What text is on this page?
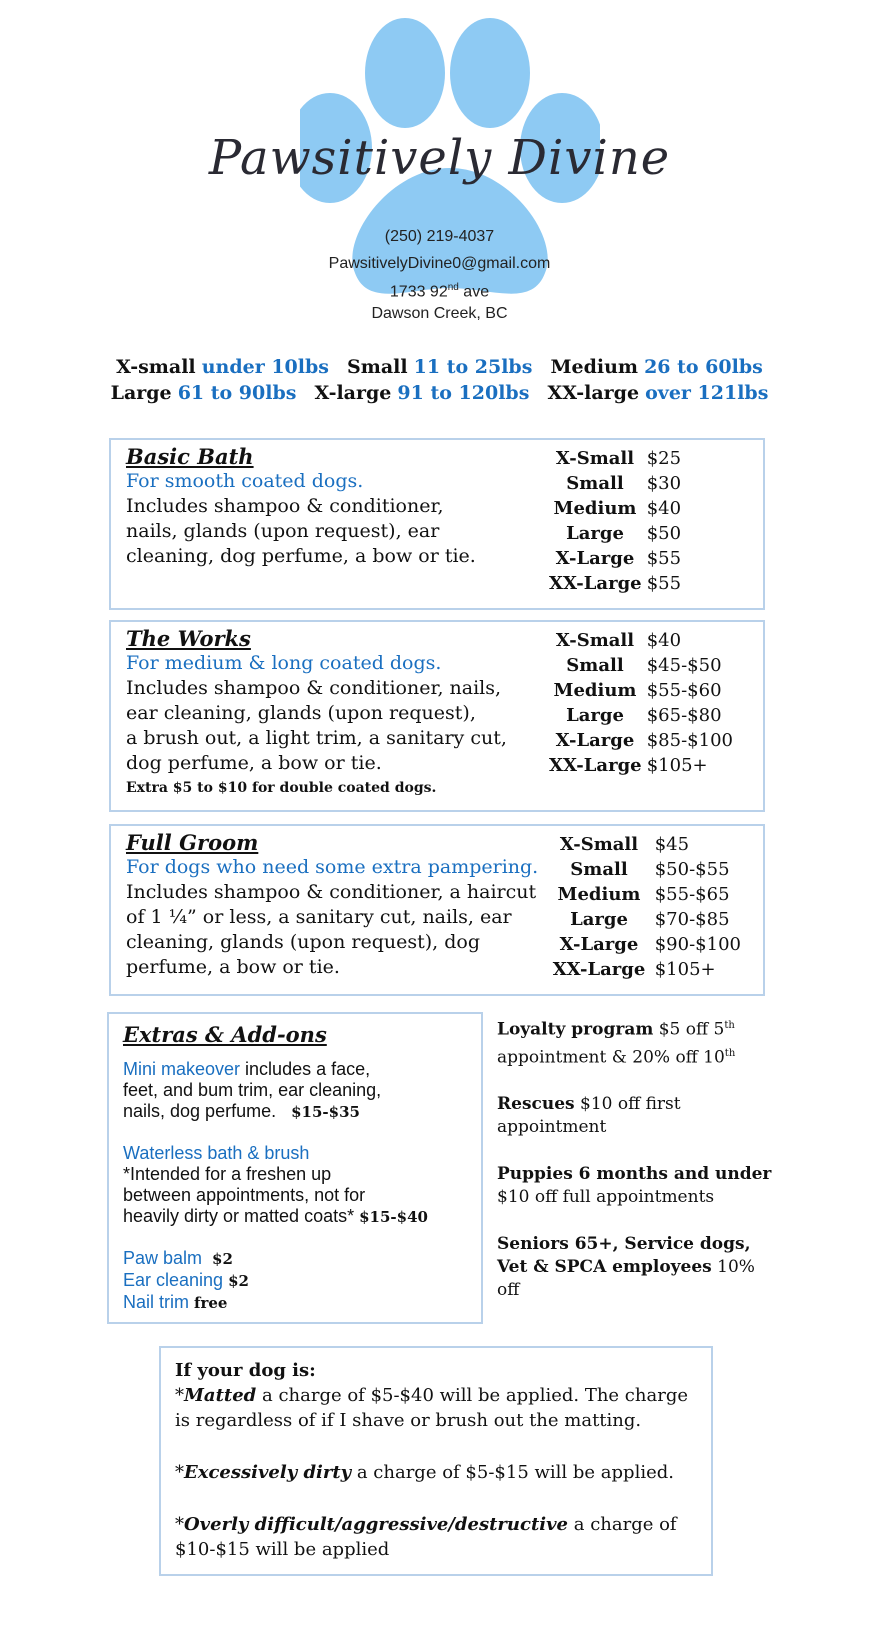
Pawsitively Divine
(250) 219-4037
PawsitivelyDivine0@gmail.com
1733 92nd ave
Dawson Creek, BC
X-small under 10lbs Small 11 to 25lbs Medium 26 to 60lbs
Large 61 to 90lbs X-large 91 to 120lbs XX-large over 121lbs
Basic Bath
For smooth coated dogs.
Includes shampoo & conditioner,
nails, glands (upon request), ear
cleaning, dog perfume, a bow or tie.
X-Small $25
Small $30
Medium $40
Large $50
X-Large $55
XX-Large $55
The Works
For medium & long coated dogs.
Includes shampoo & conditioner, nails,
ear cleaning, glands (upon request),
a brush out, a light trim, a sanitary cut,
dog perfume, a bow or tie.
Extra $5 to $10 for double coated dogs.
X-Small $40
Small $45-$50
Medium $55-$60
Large $65-$80
X-Large $85-$100
XX-Large $105+
Full Groom
For dogs who need some extra pampering.
Includes shampoo & conditioner, a haircut
of 1 ¼” or less, a sanitary cut, nails, ear
cleaning, glands (upon request), dog
perfume, a bow or tie.
X-Small $45
Small $50-$55
Medium $55-$65
Large $70-$85
X-Large $90-$100
XX-Large $105+
Extras & Add-ons
Mini makeover includes a face,
feet, and bum trim, ear cleaning,
nails, dog perfume. $15-$35
Waterless bath & brush
*Intended for a freshen up
between appointments, not for
heavily dirty or matted coats* $15-$40
Paw balm $2
Ear cleaning $2
Nail trim free
Loyalty program $5 off 5th
appointment & 20% off 10th
Rescues $10 off first
appointment
Puppies 6 months and under
$10 off full appointments
Seniors 65+, Service dogs,
Vet & SPCA employees 10%
off
If your dog is:
*Matted a charge of $5-$40 will be applied. The charge
is regardless of if I shave or brush out the matting.
*Excessively dirty a charge of $5-$15 will be applied.
*Overly difficult/aggressive/destructive a charge of
$10-$15 will be applied
